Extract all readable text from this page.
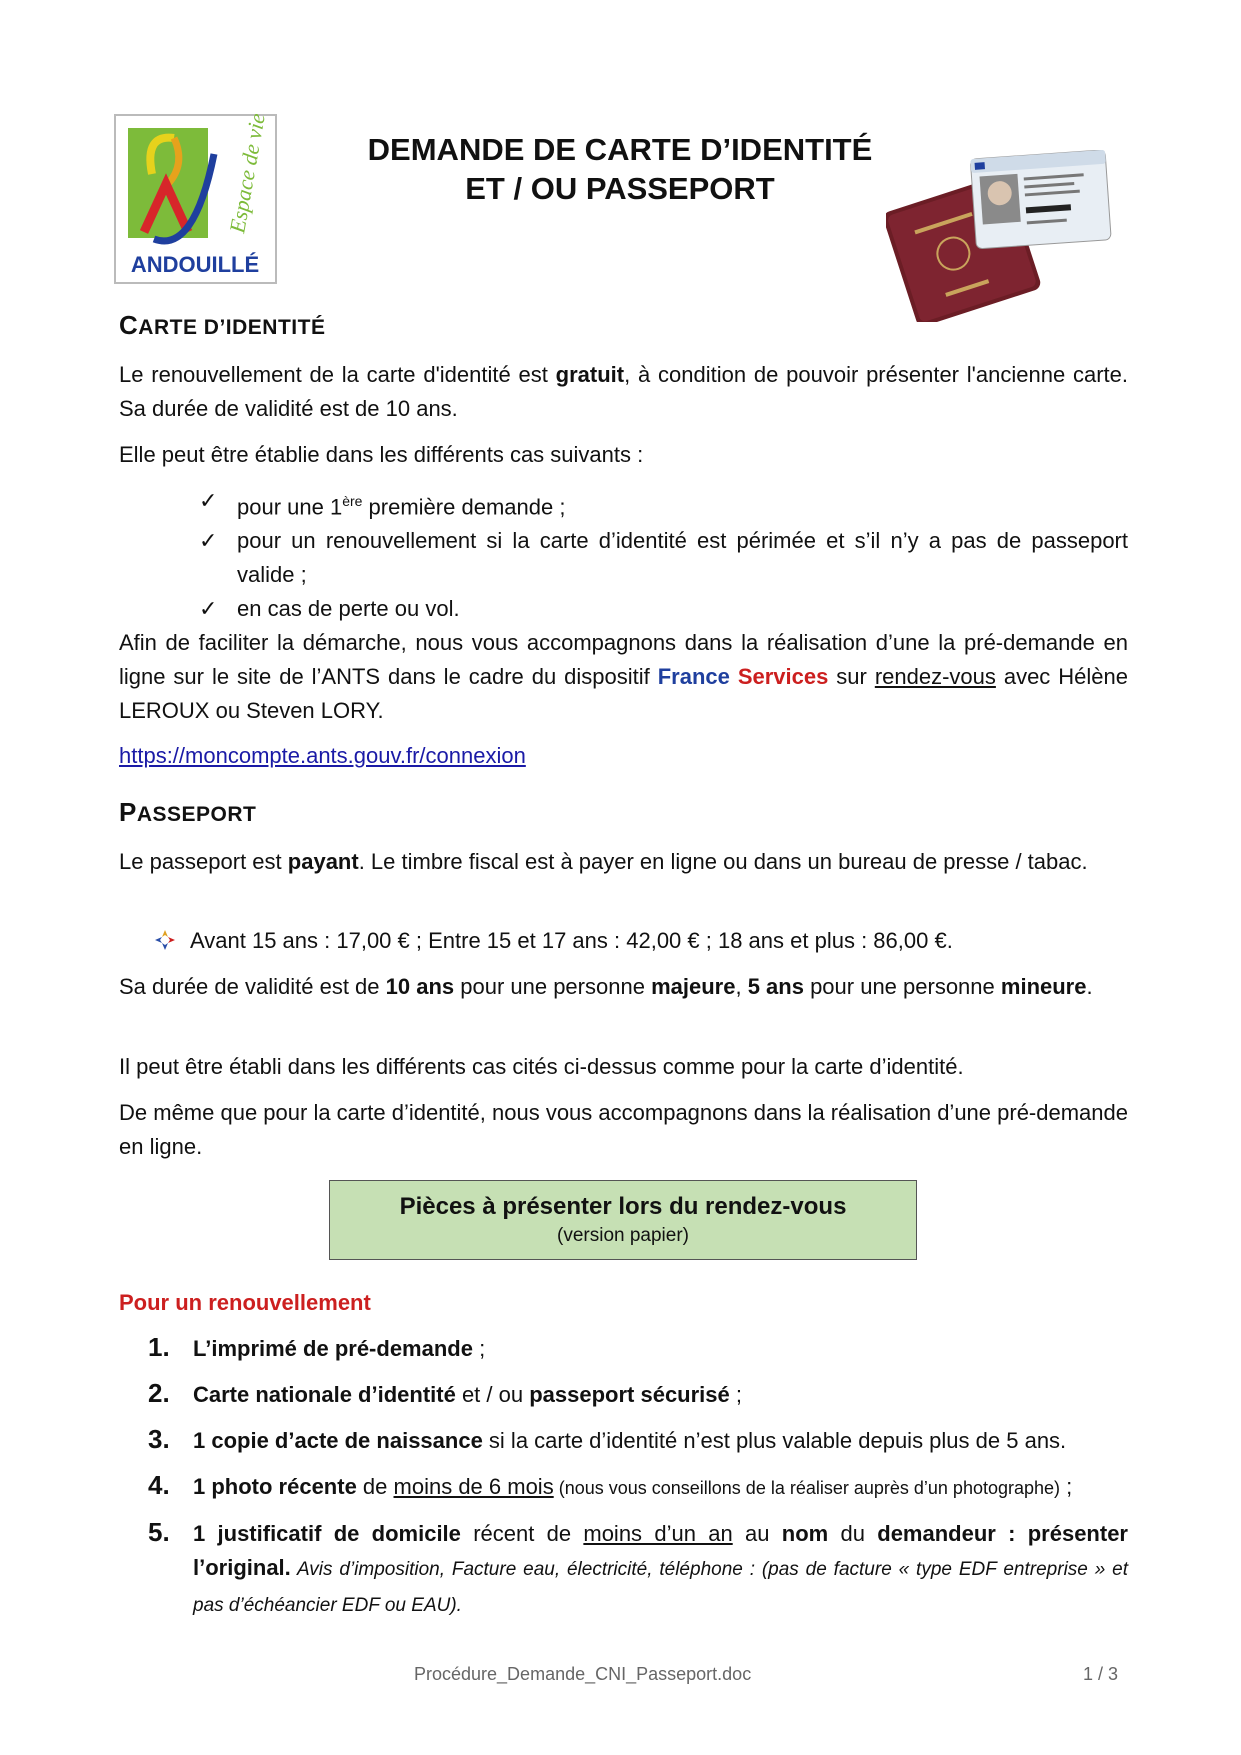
Espace de vie
ANDOUILLÉ
DEMANDE DE CARTE D’IDENTITÉ
ET / OU PASSEPORT
CARTE D’IDENTITÉ
Le renouvellement de la carte d'identité est gratuit, à condition de pouvoir présenter l'ancienne carte. Sa durée de validité est de 10 ans.
Elle peut être établie dans les différents cas suivants :
✓ pour une 1ère première demande ;
✓ pour un renouvellement si la carte d’identité est périmée et s’il n’y a pas de passeport valide ;
✓ en cas de perte ou vol.
Afin de faciliter la démarche, nous vous accompagnons dans la réalisation d’une la pré-demande en ligne sur le site de l’ANTS dans le cadre du dispositif France Services sur rendez-vous avec Hélène LEROUX ou Steven LORY.
https://moncompte.ants.gouv.fr/connexion
PASSEPORT
Le passeport est payant. Le timbre fiscal est à payer en ligne ou dans un bureau de presse / tabac.
Avant 15 ans : 17,00 € ; Entre 15 et 17 ans : 42,00 € ; 18 ans et plus : 86,00 €.
Sa durée de validité est de 10 ans pour une personne majeure, 5 ans pour une personne mineure.
Il peut être établi dans les différents cas cités ci-dessus comme pour la carte d’identité.
De même que pour la carte d’identité, nous vous accompagnons dans la réalisation d’une pré-demande en ligne.
Pièces à présenter lors du rendez-vous
(version papier)
Pour un renouvellement
1. L’imprimé de pré-demande ;
2. Carte nationale d’identité et / ou passeport sécurisé ;
3. 1 copie d’acte de naissance si la carte d’identité n’est plus valable depuis plus de 5 ans.
4. 1 photo récente de moins de 6 mois (nous vous conseillons de la réaliser auprès d’un photographe) ;
5. 1 justificatif de domicile récent de moins d’un an au nom du demandeur : présenter l’original. Avis d’imposition, Facture eau, électricité, téléphone : (pas de facture « type EDF entreprise » et pas d’échéancier EDF ou EAU).
Procédure_Demande_CNI_Passeport.doc	1 / 3
